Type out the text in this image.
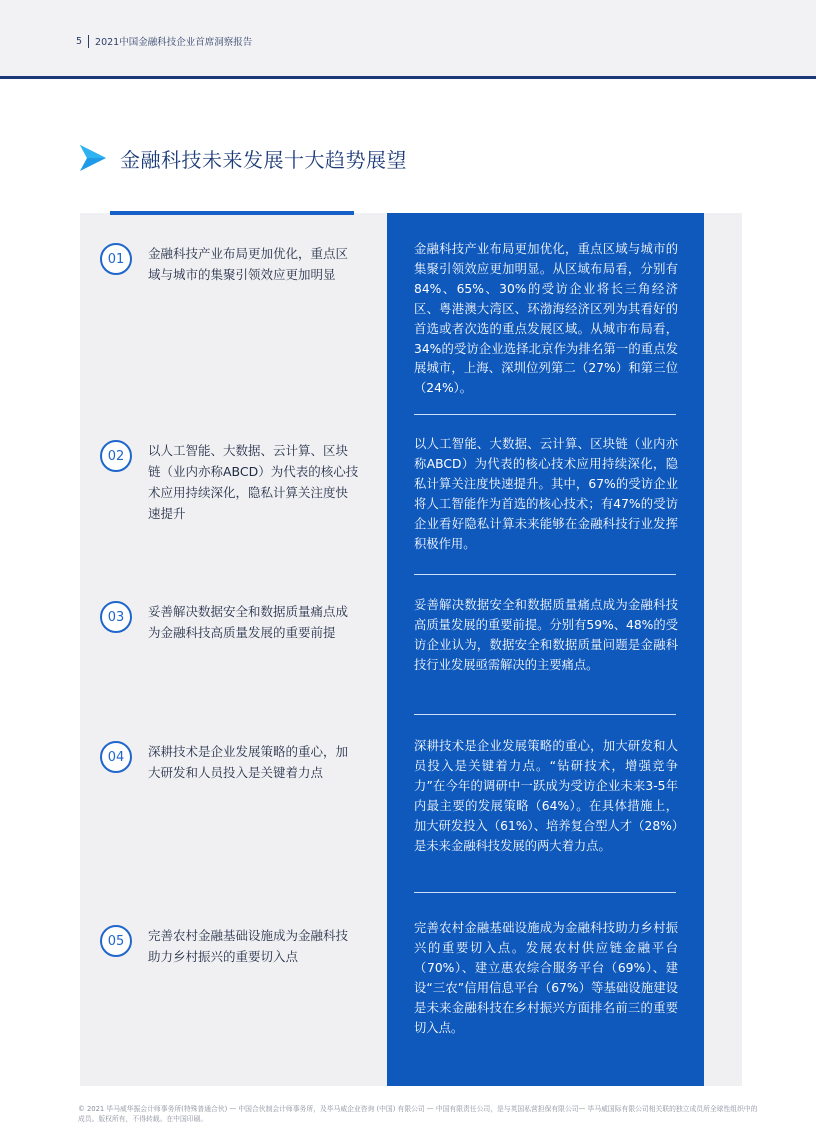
5 2021中国金融科技企业首席洞察报告
金融科技未来发展十大趋势展望
01	金融科技产业布局更加优化，重点区域与城市的集聚引领效应更加明显
金融科技产业布局更加优化，重点区域与城市的集聚引领效应更加明显。从区域布局看，分别有84%、65%、30%的受访企业将长三角经济区、粤港澳大湾区、环渤海经济区列为其看好的首选或者次选的重点发展区域。从城市布局看， 34%的受访企业选择北京作为排名第一的重点发展城市，上海、深圳位列第二（27%）和第三位（24%）。
02	以人工智能、大数据、云计算、区块链（业内亦称ABCD）为代表的核心技术应用持续深化，隐私计算关注度快速提升
以人工智能、大数据、云计算、区块链（业内亦称ABCD）为代表的核心技术应用持续深化，隐私计算关注度快速提升。其中，67%的受访企业将人工智能作为首选的核心技术；有47%的受访企业看好隐私计算未来能够在金融科技行业发挥积极作用。
03	妥善解决数据安全和数据质量痛点成为金融科技高质量发展的重要前提
妥善解决数据安全和数据质量痛点成为金融科技高质量发展的重要前提。分别有59%、48%的受访企业认为，数据安全和数据质量问题是金融科技行业发展亟需解决的主要痛点。
04	深耕技术是企业发展策略的重心，加大研发和人员投入是关键着力点
深耕技术是企业发展策略的重心，加大研发和人员投入是关键着力点。“钻研技术，增强竞争力”在今年的调研中一跃成为受访企业未来3-5年内最主要的发展策略（64%）。在具体措施上，加大研发投入（61%）、培养复合型人才（28%）是未来金融科技发展的两大着力点。
05	完善农村金融基础设施成为金融科技助力乡村振兴的重要切入点
完善农村金融基础设施成为金融科技助力乡村振兴的重要切入点。发展农村供应链金融平台（70%）、建立惠农综合服务平台（69%）、建设“三农”信用信息平台（67%）等基础设施建设是未来金融科技在乡村振兴方面排名前三的重要切入点。
© 2021 毕马威华振会计师事务所(特殊普通合伙) — 中国合伙制会计师事务所，及毕马威企业咨询 (中国) 有限公司 — 中国有限责任公司，是与英国私营担保有限公司— 毕马威国际有限公司相关联的独立成员所全球性组织中的成员。版权所有，不得转载。在中国印刷。
